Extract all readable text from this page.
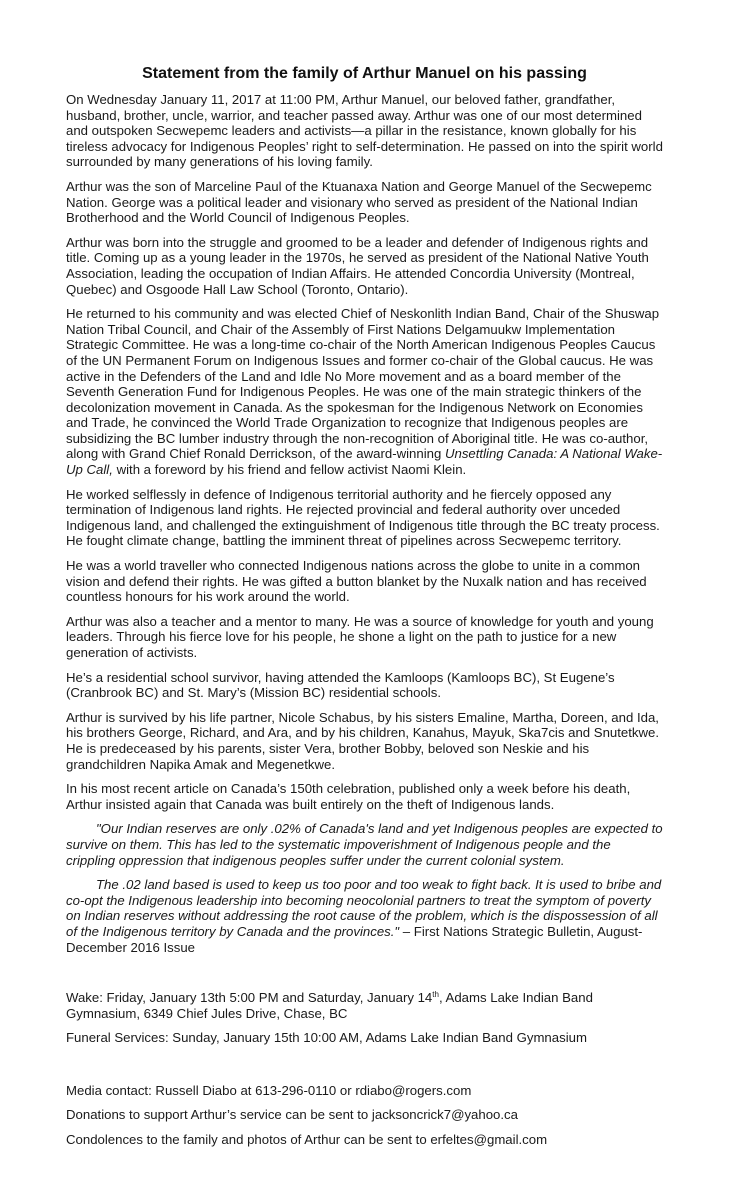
Statement from the family of Arthur Manuel on his passing

On Wednesday January 11, 2017 at 11:00 PM, Arthur Manuel, our beloved father, grandfather, husband, brother, uncle, warrior, and teacher passed away. Arthur was one of our most determined and outspoken Secwepemc leaders and activists—a pillar in the resistance, known globally for his tireless advocacy for Indigenous Peoples’ right to self-determination. He passed on into the spirit world surrounded by many generations of his loving family.

Arthur was the son of Marceline Paul of the Ktuanaxa Nation and George Manuel of the Secwepemc Nation. George was a political leader and visionary who served as president of the National Indian Brotherhood and the World Council of Indigenous Peoples.

Arthur was born into the struggle and groomed to be a leader and defender of Indigenous rights and title. Coming up as a young leader in the 1970s, he served as president of the National Native Youth Association, leading the occupation of Indian Affairs. He attended Concordia University (Montreal, Quebec) and Osgoode Hall Law School (Toronto, Ontario).

He returned to his community and was elected Chief of Neskonlith Indian Band, Chair of the Shuswap Nation Tribal Council, and Chair of the Assembly of First Nations Delgamuukw Implementation Strategic Committee. He was a long-time co-chair of the North American Indigenous Peoples Caucus of the UN Permanent Forum on Indigenous Issues and former co-chair of the Global caucus. He was active in the Defenders of the Land and Idle No More movement and as a board member of the Seventh Generation Fund for Indigenous Peoples. He was one of the main strategic thinkers of the decolonization movement in Canada. As the spokesman for the Indigenous Network on Economies and Trade, he convinced the World Trade Organization to recognize that Indigenous peoples are subsidizing the BC lumber industry through the non-recognition of Aboriginal title. He was co-author, along with Grand Chief Ronald Derrickson, of the award-winning Unsettling Canada: A National Wake-Up Call, with a foreword by his friend and fellow activist Naomi Klein.

He worked selflessly in defence of Indigenous territorial authority and he fiercely opposed any termination of Indigenous land rights. He rejected provincial and federal authority over unceded Indigenous land, and challenged the extinguishment of Indigenous title through the BC treaty process. He fought climate change, battling the imminent threat of pipelines across Secwepemc territory.

He was a world traveller who connected Indigenous nations across the globe to unite in a common vision and defend their rights. He was gifted a button blanket by the Nuxalk nation and has received countless honours for his work around the world.

Arthur was also a teacher and a mentor to many. He was a source of knowledge for youth and young leaders. Through his fierce love for his people, he shone a light on the path to justice for a new generation of activists.

He’s a residential school survivor, having attended the Kamloops (Kamloops BC), St Eugene’s (Cranbrook BC) and St. Mary’s (Mission BC) residential schools.

Arthur is survived by his life partner, Nicole Schabus, by his sisters Emaline, Martha, Doreen, and Ida, his brothers George, Richard, and Ara, and by his children, Kanahus, Mayuk, Ska7cis and Snutetkwe. He is predeceased by his parents, sister Vera, brother Bobby, beloved son Neskie and his grandchildren Napika Amak and Megenetkwe.

In his most recent article on Canada’s 150th celebration, published only a week before his death, Arthur insisted again that Canada was built entirely on the theft of Indigenous lands.

"Our Indian reserves are only .02% of Canada's land and yet Indigenous peoples are expected to survive on them. This has led to the systematic impoverishment of Indigenous people and the crippling oppression that indigenous peoples suffer under the current colonial system.

The .02 land based is used to keep us too poor and too weak to fight back. It is used to bribe and co-opt the Indigenous leadership into becoming neocolonial partners to treat the symptom of poverty on Indian reserves without addressing the root cause of the problem, which is the dispossession of all of the Indigenous territory by Canada and the provinces." – First Nations Strategic Bulletin, August-December 2016 Issue

Wake: Friday, January 13th 5:00 PM and Saturday, January 14th, Adams Lake Indian Band Gymnasium, 6349 Chief Jules Drive, Chase, BC

Funeral Services: Sunday, January 15th 10:00 AM, Adams Lake Indian Band Gymnasium

Media contact: Russell Diabo at 613-296-0110 or rdiabo@rogers.com

Donations to support Arthur’s service can be sent to jacksoncrick7@yahoo.ca

Condolences to the family and photos of Arthur can be sent to erfeltes@gmail.com
